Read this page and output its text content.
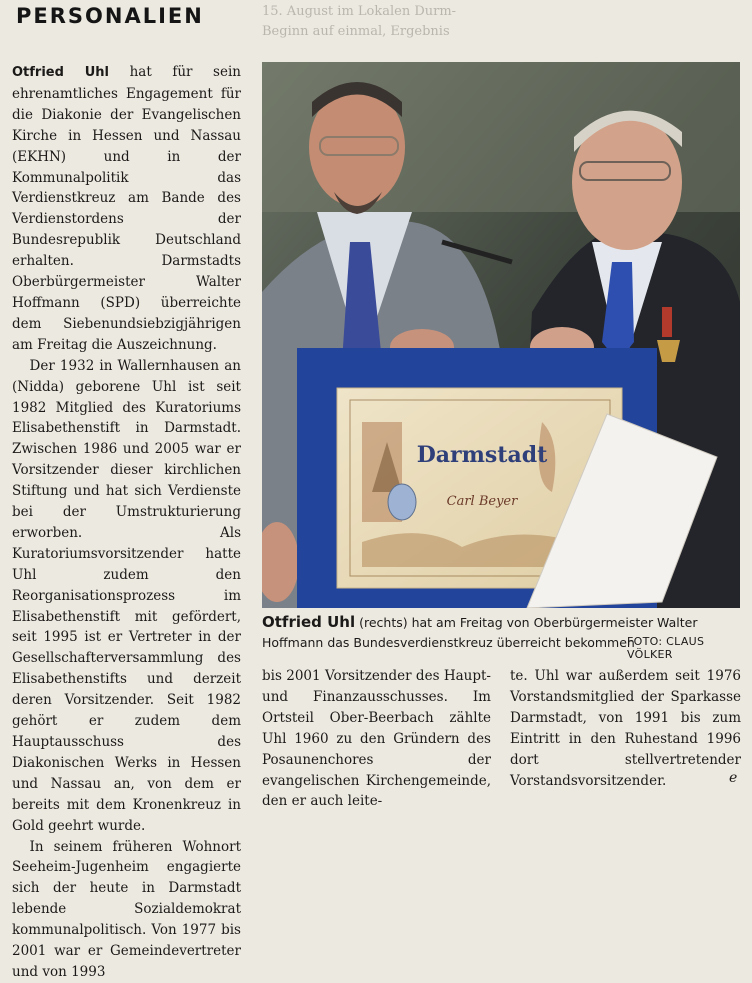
15. August im Lokalen Durm-
Beginn auf einmal, Ergebnis
PERSONALIEN

Otfried Uhl hat für sein ehrenamtliches Engagement für die Diakonie der Evangelischen Kirche in Hessen und Nassau (EKHN) und in der Kommunalpolitik das Verdienstkreuz am Bande des Verdienstordens der Bundesrepublik Deutschland erhalten. Darmstadts Oberbürgermeister Walter Hoffmann (SPD) überreichte dem Siebenundsiebzigjährigen am Freitag die Auszeichnung.

Der 1932 in Wallernhausen an (Nidda) geborene Uhl ist seit 1982 Mitglied des Kuratoriums Elisabethenstift in Darmstadt. Zwischen 1986 und 2005 war er Vorsitzender dieser kirchlichen Stiftung und hat sich Verdienste bei der Umstrukturierung erworben. Als Kuratoriumsvorsitzender hatte Uhl zudem den Reorganisationsprozess im Elisabethenstift mit gefördert, seit 1995 ist er Vertreter in der Gesellschafterversammlung des Elisabethenstifts und derzeit deren Vorsitzender. Seit 1982 gehört er zudem dem Hauptausschuss des Diakonischen Werks in Hessen und Nassau an, von dem er bereits mit dem Kronenkreuz in Gold geehrt wurde.

In seinem früheren Wohnort Seeheim-Jugenheim engagierte sich der heute in Darmstadt lebende Sozialdemokrat kommunalpolitisch. Von 1977 bis 2001 war er Gemeindevertreter und von 1993

Darmstadt
Carl Beyer
Otfried Uhl (rechts) hat am Freitag von Oberbürgermeister Walter Hoffmann das Bundesverdienstkreuz überreicht bekommen
FOTO: CLAUS VÖLKER

bis 2001 Vorsitzender des Haupt- und Finanzausschusses. Im Ortsteil Ober-Beerbach zählte Uhl 1960 zu den Gründern des Posaunenchores der evangelischen Kirchengemeinde, den er auch leite-

te. Uhl war außerdem seit 1976 Vorstandsmitglied der Sparkasse Darmstadt, von 1991 bis zum Eintritt in den Ruhestand 1996 dort stellvertretender Vorstandsvorsitzender.	e
